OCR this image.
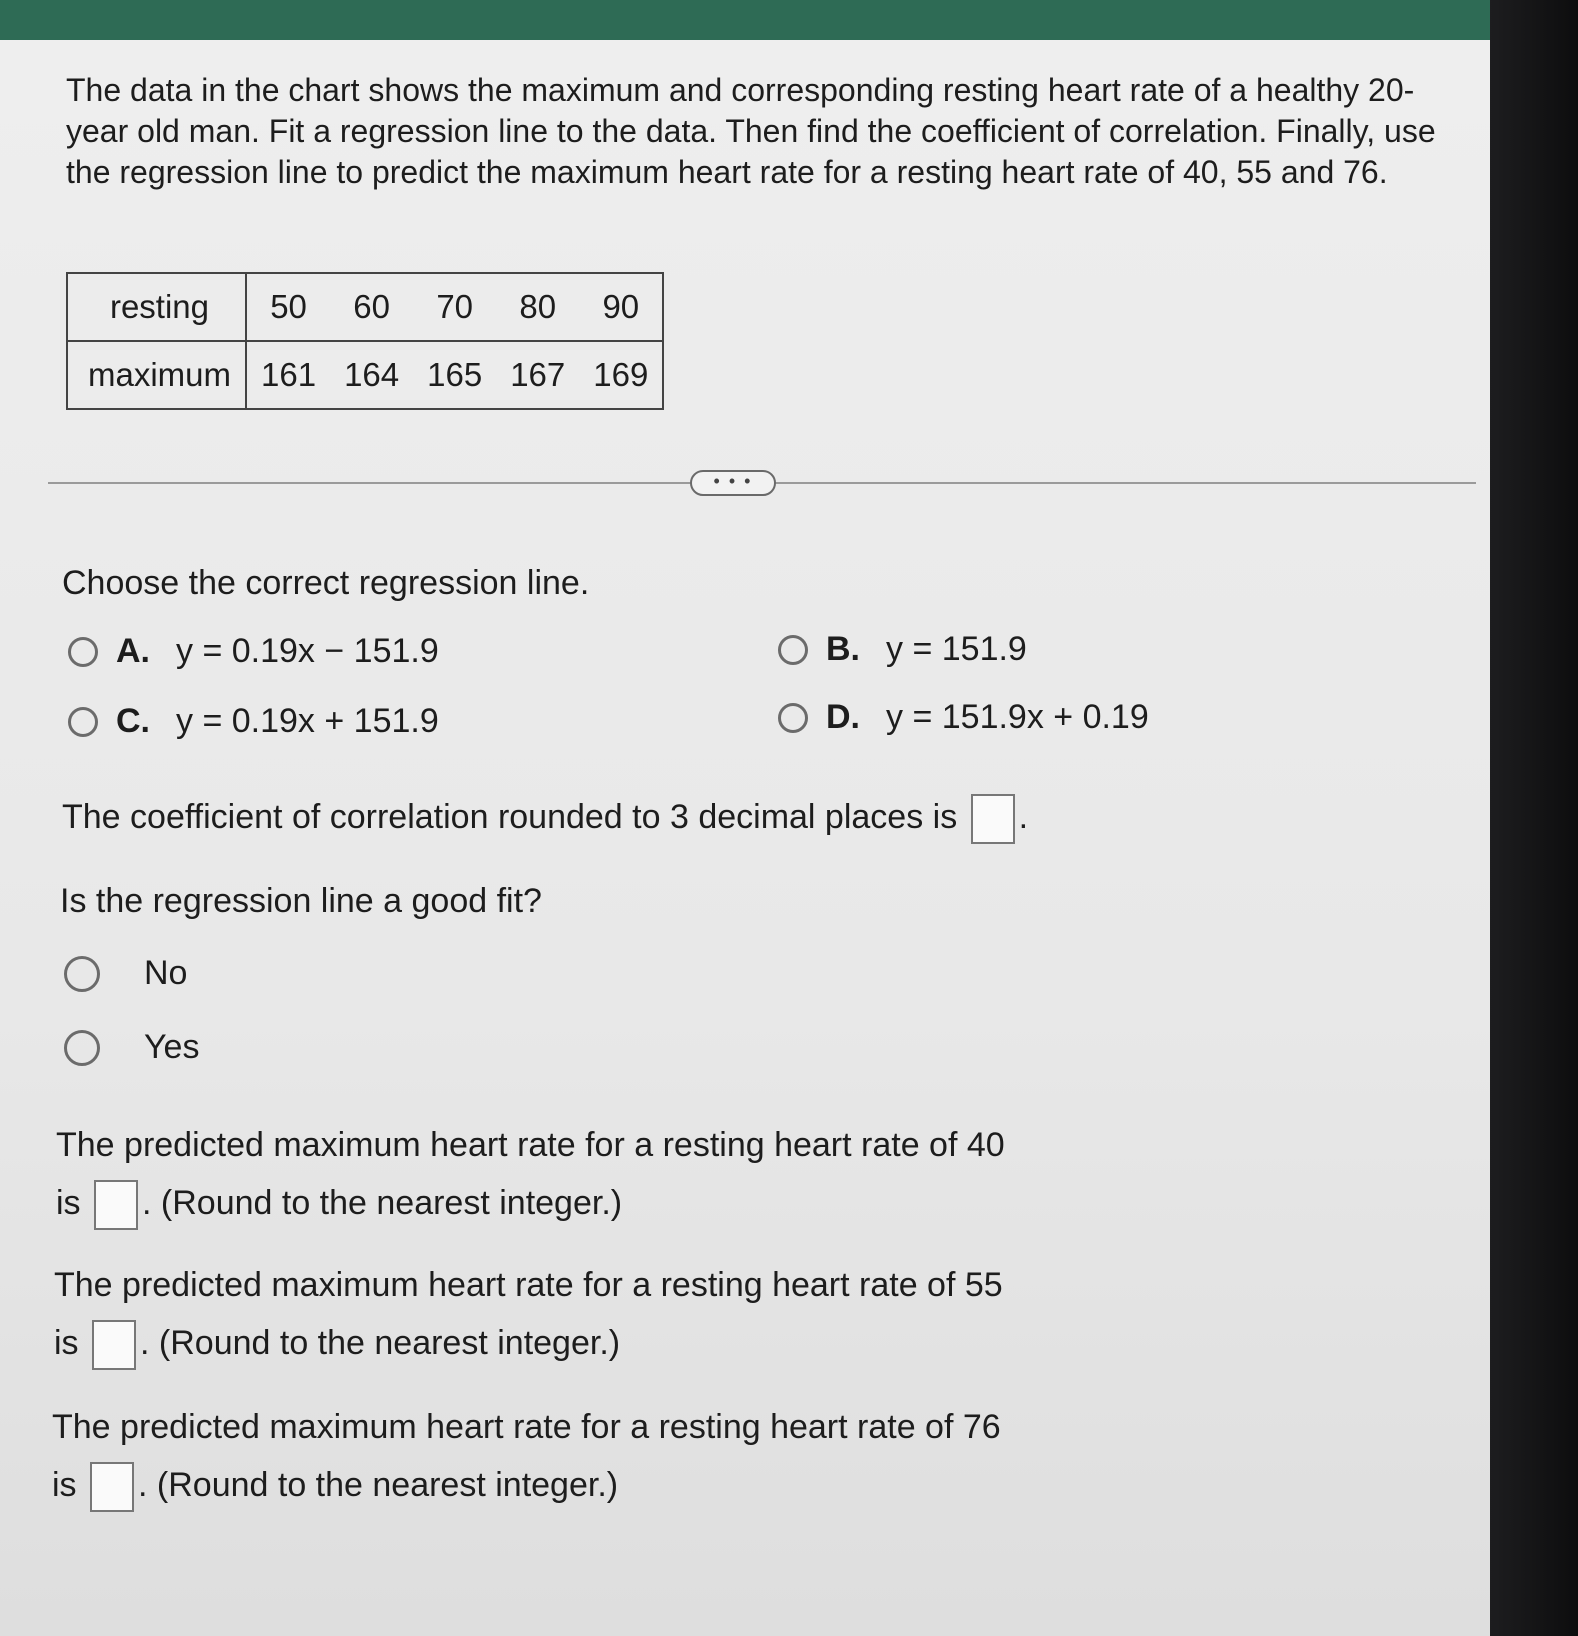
The data in the chart shows the maximum and corresponding resting heart rate of a healthy 20-year old man. Fit a regression line to the data. Then find the coefficient of correlation. Finally, use the regression line to predict the maximum heart rate for a resting heart rate of 40, 55 and 76.

resting	50	60	70	80	90
maximum	161	164	165	167	169
• • •

Choose the correct regression line.

A. y = 0.19x − 151.9	B. y = 151.9
C. y = 0.19x + 151.9	D. y = 151.9x + 0.19
The coefficient of correlation rounded to 3 decimal places is .

Is the regression line a good fit?

No
Yes
The predicted maximum heart rate for a resting heart rate of 40
is . (Round to the nearest integer.)
The predicted maximum heart rate for a resting heart rate of 55
is . (Round to the nearest integer.)
The predicted maximum heart rate for a resting heart rate of 76
is . (Round to the nearest integer.)
